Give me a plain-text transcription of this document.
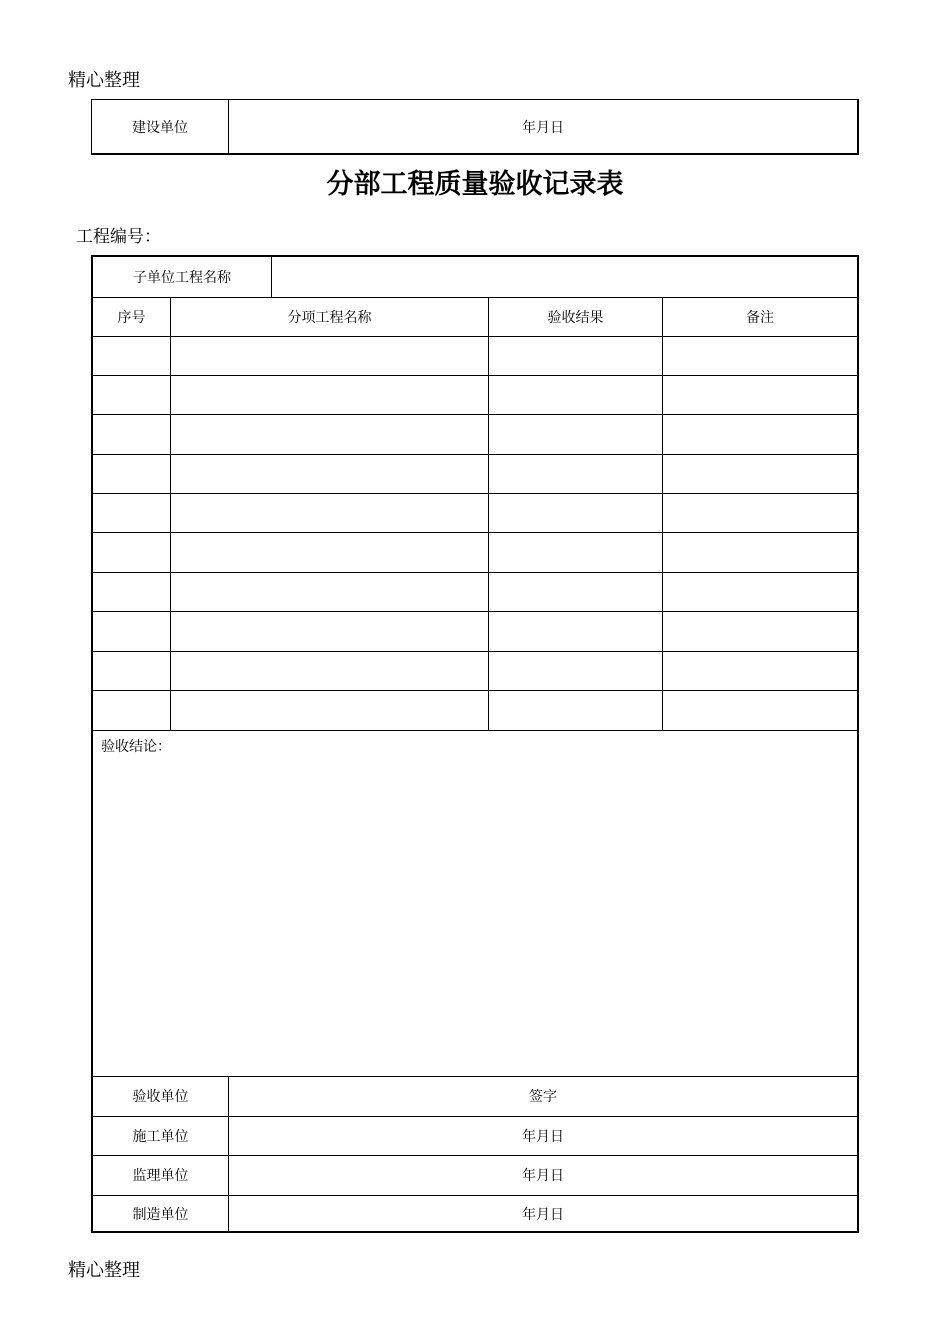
精心整理
建设单位	年月日
分部工程质量验收记录表
工程编号：
子单位工程名称
序号	分项工程名称	验收结果	备注
验收结论：
验收单位	签字
施工单位	年月日
监理单位	年月日
制造单位	年月日
精心整理
